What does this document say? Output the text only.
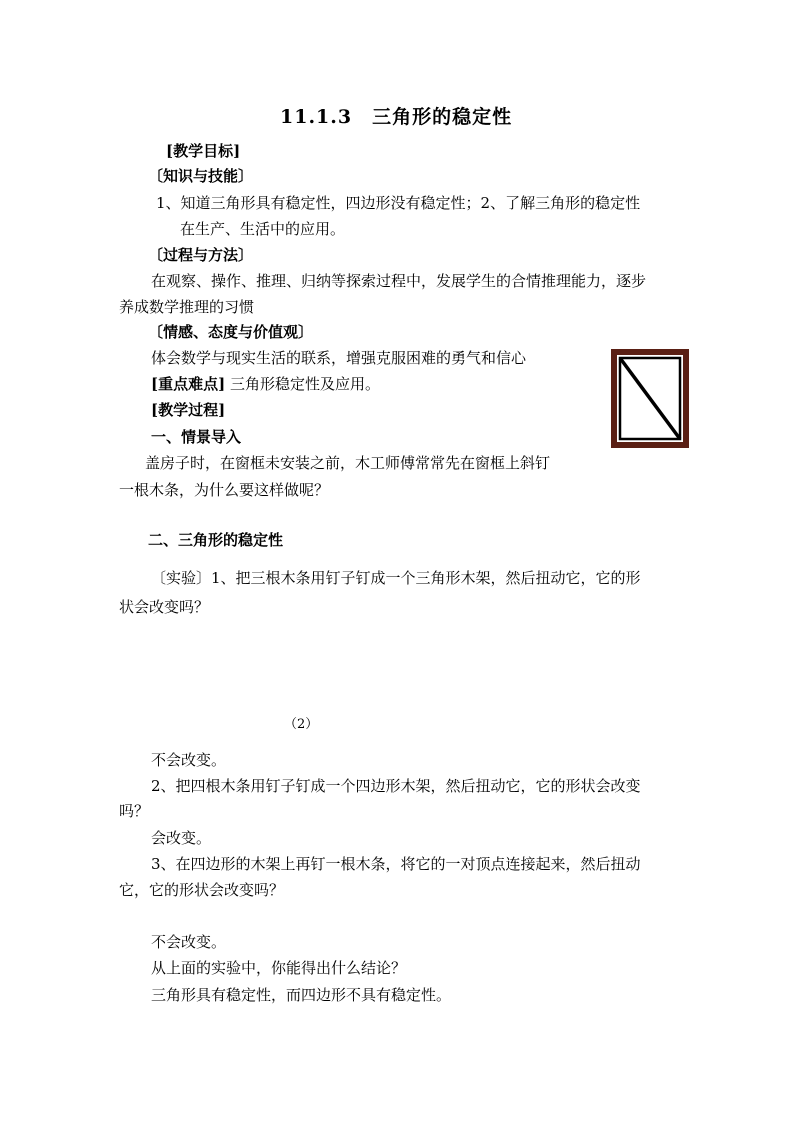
11.1.3　三角形的稳定性
[教学目标]
〔知识与技能〕
1、知道三角形具有稳定性，四边形没有稳定性；2、了解三角形的稳定性
在生产、生活中的应用。
〔过程与方法〕
在观察、操作、推理、归纳等探索过程中，发展学生的合情推理能力，逐步
养成数学推理的习惯
〔情感、态度与价值观〕
体会数学与现实生活的联系，增强克服困难的勇气和信心
[重点难点] 三角形稳定性及应用。
[教学过程]
一、情景导入
盖房子时，在窗框未安装之前，木工师傅常常先在窗框上斜钉
一根木条，为什么要这样做呢？
二、三角形的稳定性
〔实验〕1、把三根木条用钉子钉成一个三角形木架，然后扭动它，它的形
状会改变吗？
（2）
不会改变。
2、把四根木条用钉子钉成一个四边形木架，然后扭动它，它的形状会改变
吗？
会改变。
3、在四边形的木架上再钉一根木条，将它的一对顶点连接起来，然后扭动
它，它的形状会改变吗？
不会改变。
从上面的实验中，你能得出什么结论？
三角形具有稳定性，而四边形不具有稳定性。
